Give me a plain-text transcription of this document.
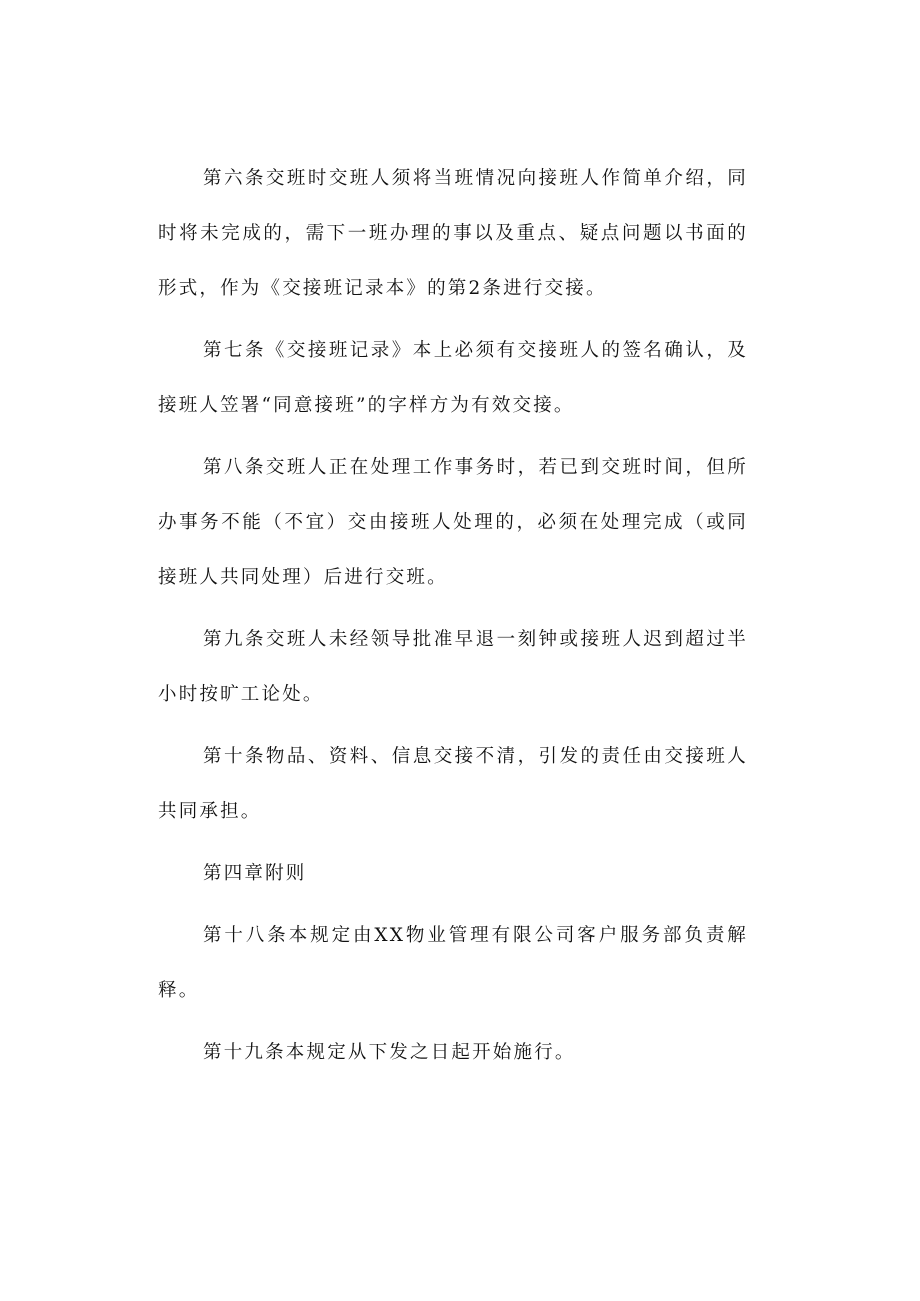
第六条交班时交班人须将当班情况向接班人作简单介绍，同时将未完成的，需下一班办理的事以及重点、疑点问题以书面的形式，作为《交接班记录本》的第2条进行交接。

第七条《交接班记录》本上必须有交接班人的签名确认，及接班人笠署“同意接班”的字样方为有效交接。

第八条交班人正在处理工作事务时，若已到交班时间，但所办事务不能（不宜）交由接班人处理的，必须在处理完成（或同接班人共同处理）后进行交班。

第九条交班人未经领导批准早退一刻钟或接班人迟到超过半小时按旷工论处。

第十条物品、资料、信息交接不清，引发的责任由交接班人共同承担。

第四章附则

第十八条本规定由XX物业管理有限公司客户服务部负责解释。

第十九条本规定从下发之日起开始施行。
